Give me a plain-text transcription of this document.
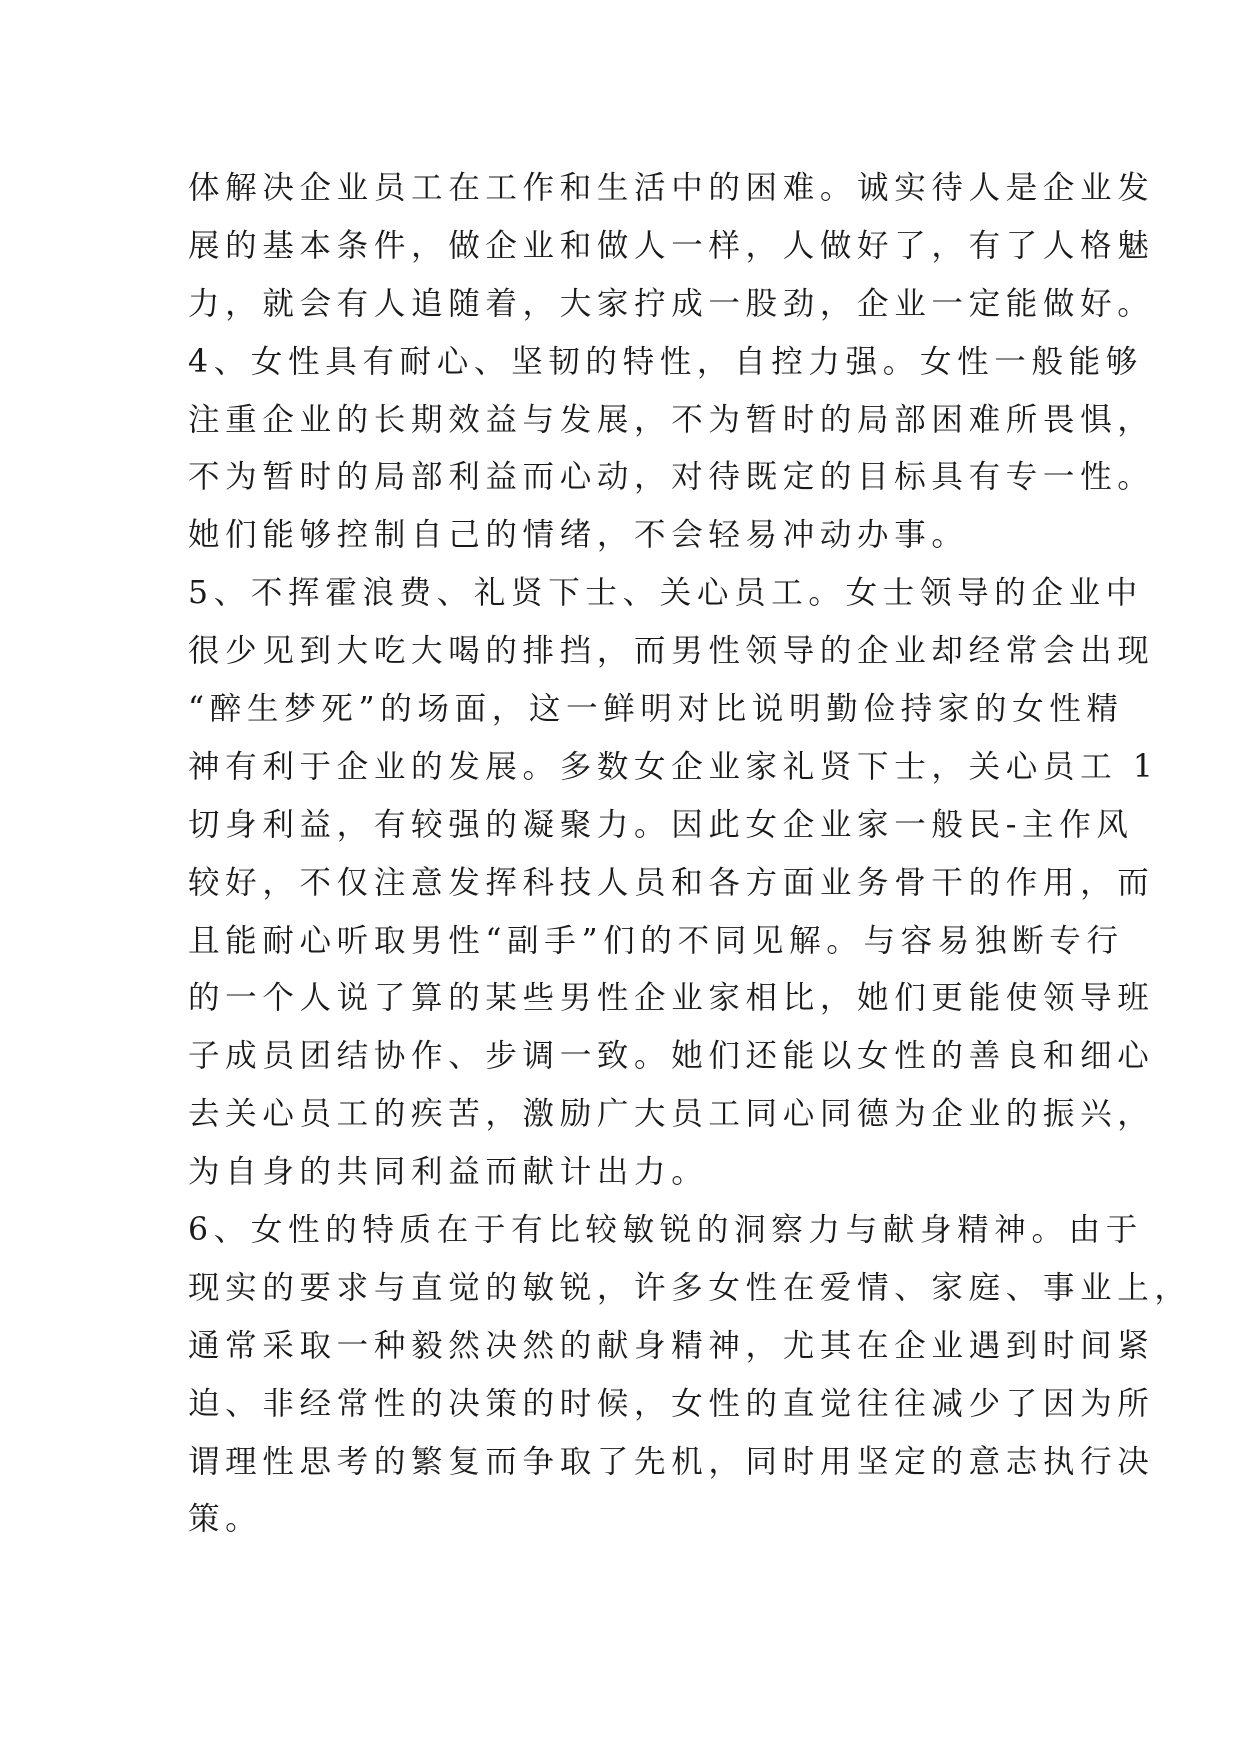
体解决企业员工在工作和生活中的困难。诚实待人是企业发
展的基本条件，做企业和做人一样，人做好了，有了人格魅
力，就会有人追随着，大家拧成一股劲，企业一定能做好。
4、女性具有耐心、坚韧的特性，自控力强。女性一般能够
注重企业的长期效益与发展，不为暂时的局部困难所畏惧，
不为暂时的局部利益而心动，对待既定的目标具有专一性。
她们能够控制自己的情绪，不会轻易冲动办事。
5、不挥霍浪费、礼贤下士、关心员工。女士领导的企业中
很少见到大吃大喝的排挡，而男性领导的企业却经常会出现
“醉生梦死”的场面，这一鲜明对比说明勤俭持家的女性精
神有利于企业的发展。多数女企业家礼贤下士，关心员工 1
切身利益，有较强的凝聚力。因此女企业家一般民-主作风
较好，不仅注意发挥科技人员和各方面业务骨干的作用，而
且能耐心听取男性“副手”们的不同见解。与容易独断专行
的一个人说了算的某些男性企业家相比，她们更能使领导班
子成员团结协作、步调一致。她们还能以女性的善良和细心
去关心员工的疾苦，激励广大员工同心同德为企业的振兴，
为自身的共同利益而献计出力。
6、女性的特质在于有比较敏锐的洞察力与献身精神。由于
现实的要求与直觉的敏锐，许多女性在爱情、家庭、事业上，
通常采取一种毅然决然的献身精神，尤其在企业遇到时间紧
迫、非经常性的决策的时候，女性的直觉往往减少了因为所
谓理性思考的繁复而争取了先机，同时用坚定的意志执行决
策。
